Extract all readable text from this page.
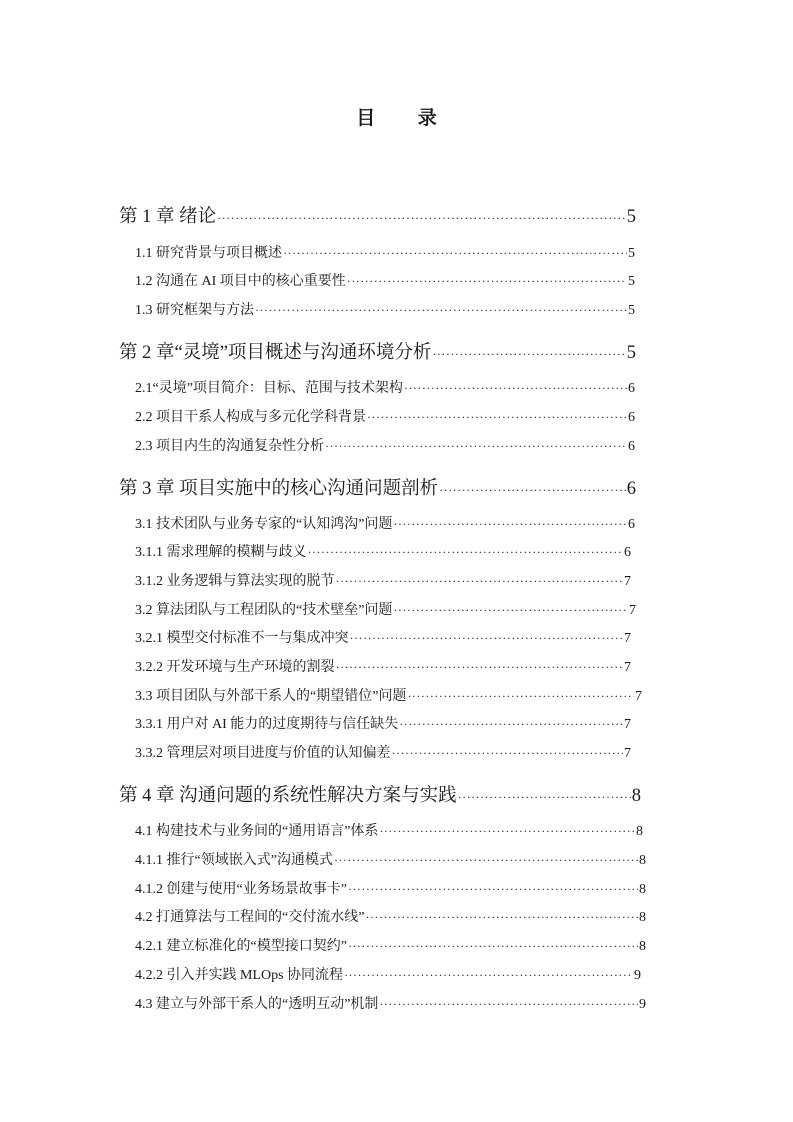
目 录
第 1 章 绪论 ·····	5
1.1 研究背景与项目概述 ·····	5
1.2 沟通在 AI 项目中的核心重要性 ·····	5
1.3 研究框架与方法 ·····	5
第 2 章“灵境”项目概述与沟通环境分析 ·····	5
2.1“灵境”项目简介：目标、范围与技术架构 ·····	6
2.2 项目干系人构成与多元化学科背景 ·····	6
2.3 项目内生的沟通复杂性分析 ·····	6
第 3 章 项目实施中的核心沟通问题剖析 ·····	6
3.1 技术团队与业务专家的“认知鸿沟”问题 ·····	6
3.1.1 需求理解的模糊与歧义 ·····	6
3.1.2 业务逻辑与算法实现的脱节 ·····	7
3.2 算法团队与工程团队的“技术壁垒”问题 ·····	7
3.2.1 模型交付标准不一与集成冲突 ·····	7
3.2.2 开发环境与生产环境的割裂 ·····	7
3.3 项目团队与外部干系人的“期望错位”问题 ·····	7
3.3.1 用户对 AI 能力的过度期待与信任缺失 ·····	7
3.3.2 管理层对项目进度与价值的认知偏差 ·····	7
第 4 章 沟通问题的系统性解决方案与实践 ·····	8
4.1 构建技术与业务间的“通用语言”体系 ·····	8
4.1.1 推行“领域嵌入式”沟通模式 ·····	8
4.1.2 创建与使用“业务场景故事卡” ·····	8
4.2 打通算法与工程间的“交付流水线” ·····	8
4.2.1 建立标准化的“模型接口契约” ·····	8
4.2.2 引入并实践 MLOps 协同流程 ·····	9
4.3 建立与外部干系人的“透明互动”机制 ·····	9
